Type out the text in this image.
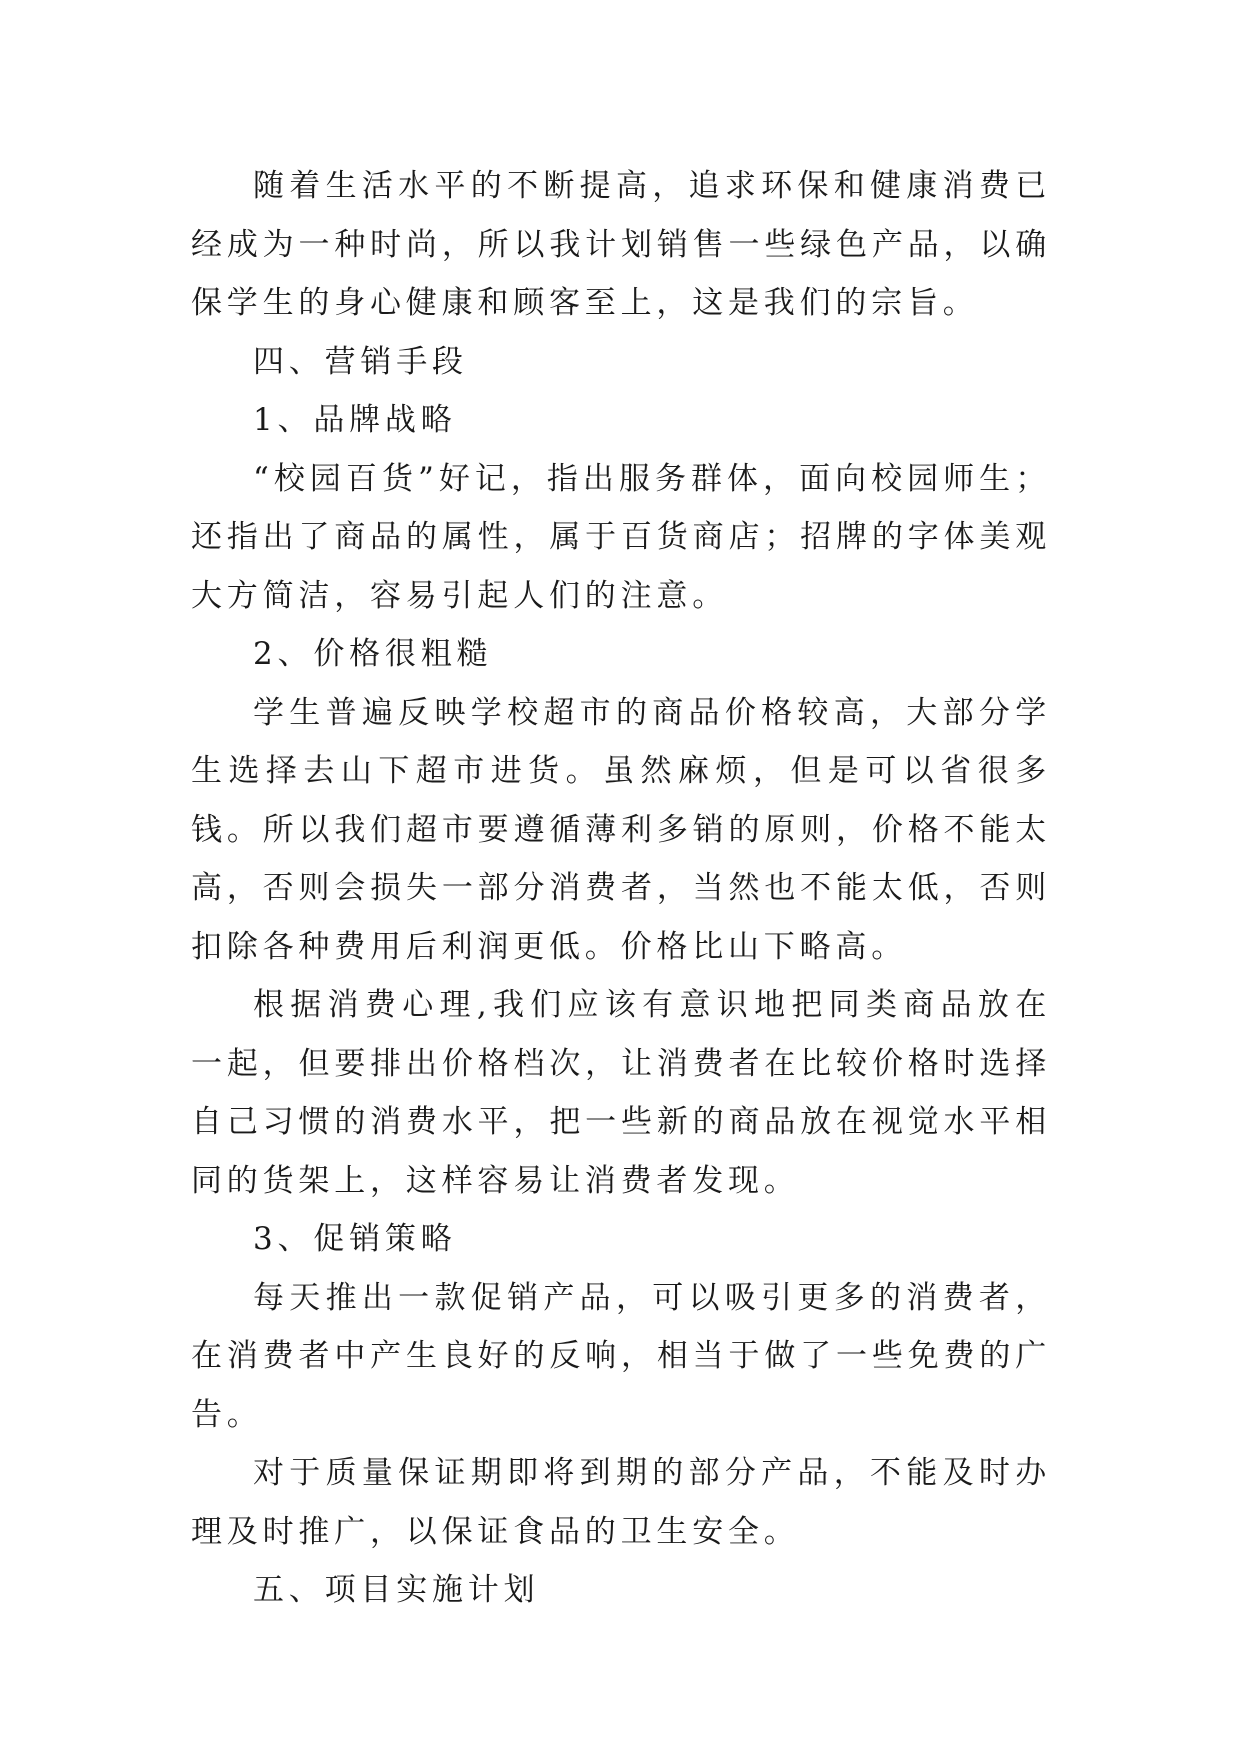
随着生活水平的不断提高，追求环保和健康消费已经成为一种时尚，所以我计划销售一些绿色产品，以确保学生的身心健康和顾客至上，这是我们的宗旨。

四、营销手段

1、品牌战略

“校园百货”好记，指出服务群体，面向校园师生；还指出了商品的属性，属于百货商店；招牌的字体美观大方简洁，容易引起人们的注意。

2、价格很粗糙

学生普遍反映学校超市的商品价格较高，大部分学生选择去山下超市进货。虽然麻烦，但是可以省很多钱。所以我们超市要遵循薄利多销的原则，价格不能太高，否则会损失一部分消费者，当然也不能太低，否则扣除各种费用后利润更低。价格比山下略高。

根据消费心理,我们应该有意识地把同类商品放在一起，但要排出价格档次，让消费者在比较价格时选择自己习惯的消费水平，把一些新的商品放在视觉水平相同的货架上，这样容易让消费者发现。

3、促销策略

每天推出一款促销产品，可以吸引更多的消费者，在消费者中产生良好的反响，相当于做了一些免费的广告。

对于质量保证期即将到期的部分产品，不能及时办理及时推广，以保证食品的卫生安全。

五、项目实施计划
